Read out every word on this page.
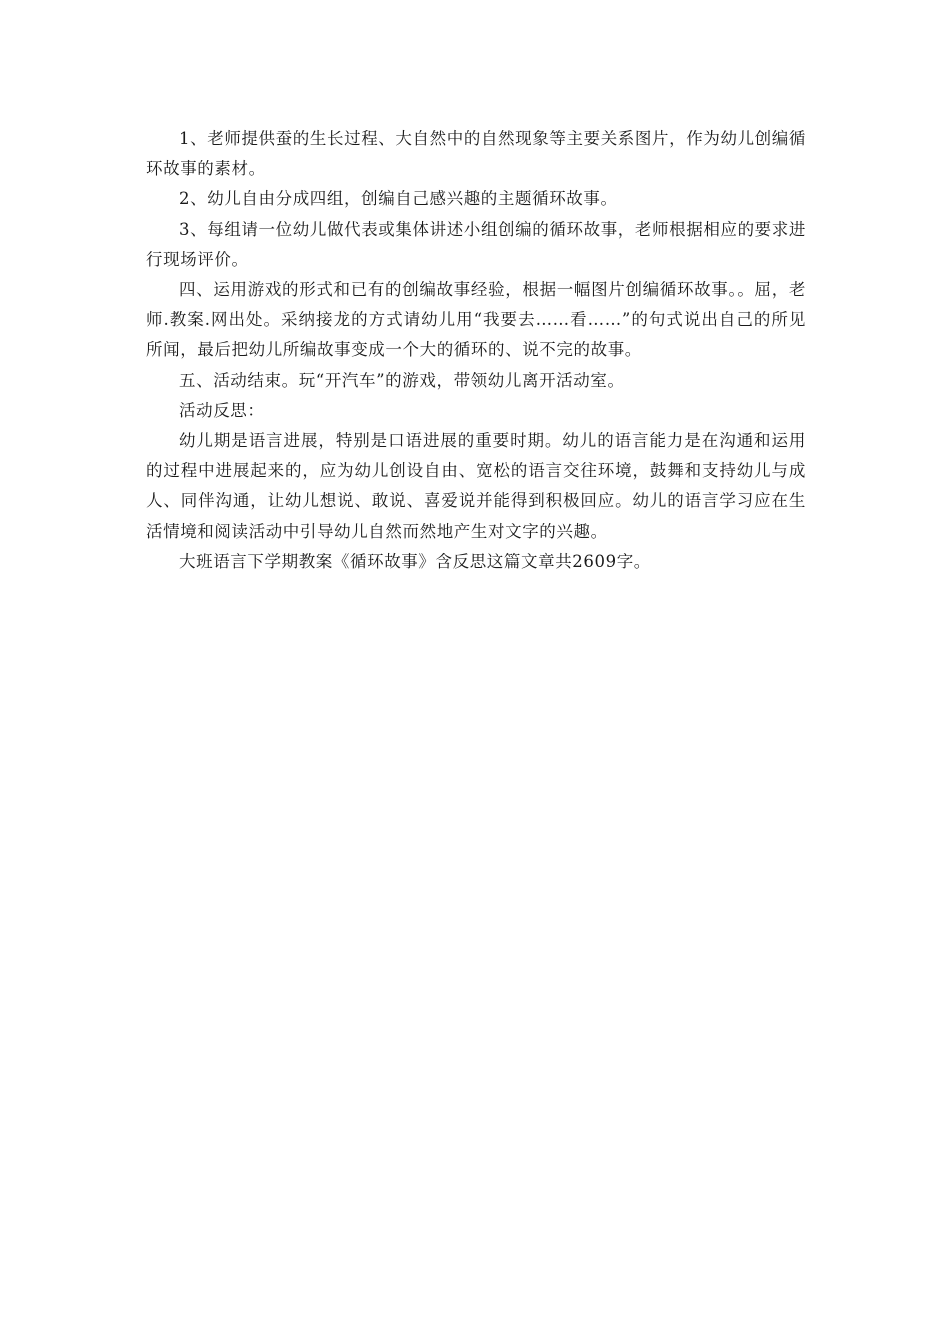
1、老师提供蚕的生长过程、大自然中的自然现象等主要关系图片，作为幼儿创编循环故事的素材。

2、幼儿自由分成四组，创编自己感兴趣的主题循环故事。

3、每组请一位幼儿做代表或集体讲述小组创编的循环故事，老师根据相应的要求进行现场评价。

四、运用游戏的形式和已有的创编故事经验，根据一幅图片创编循环故事。。屈，老师.教案.网出处。采纳接龙的方式请幼儿用“我要去……看……”的句式说出自己的所见所闻，最后把幼儿所编故事变成一个大的循环的、说不完的故事。

五、活动结束。玩“开汽车”的游戏，带领幼儿离开活动室。

活动反思：

幼儿期是语言进展，特别是口语进展的重要时期。幼儿的语言能力是在沟通和运用的过程中进展起来的，应为幼儿创设自由、宽松的语言交往环境，鼓舞和支持幼儿与成人、同伴沟通，让幼儿想说、敢说、喜爱说并能得到积极回应。幼儿的语言学习应在生活情境和阅读活动中引导幼儿自然而然地产生对文字的兴趣。

大班语言下学期教案《循环故事》含反思这篇文章共2609字。
